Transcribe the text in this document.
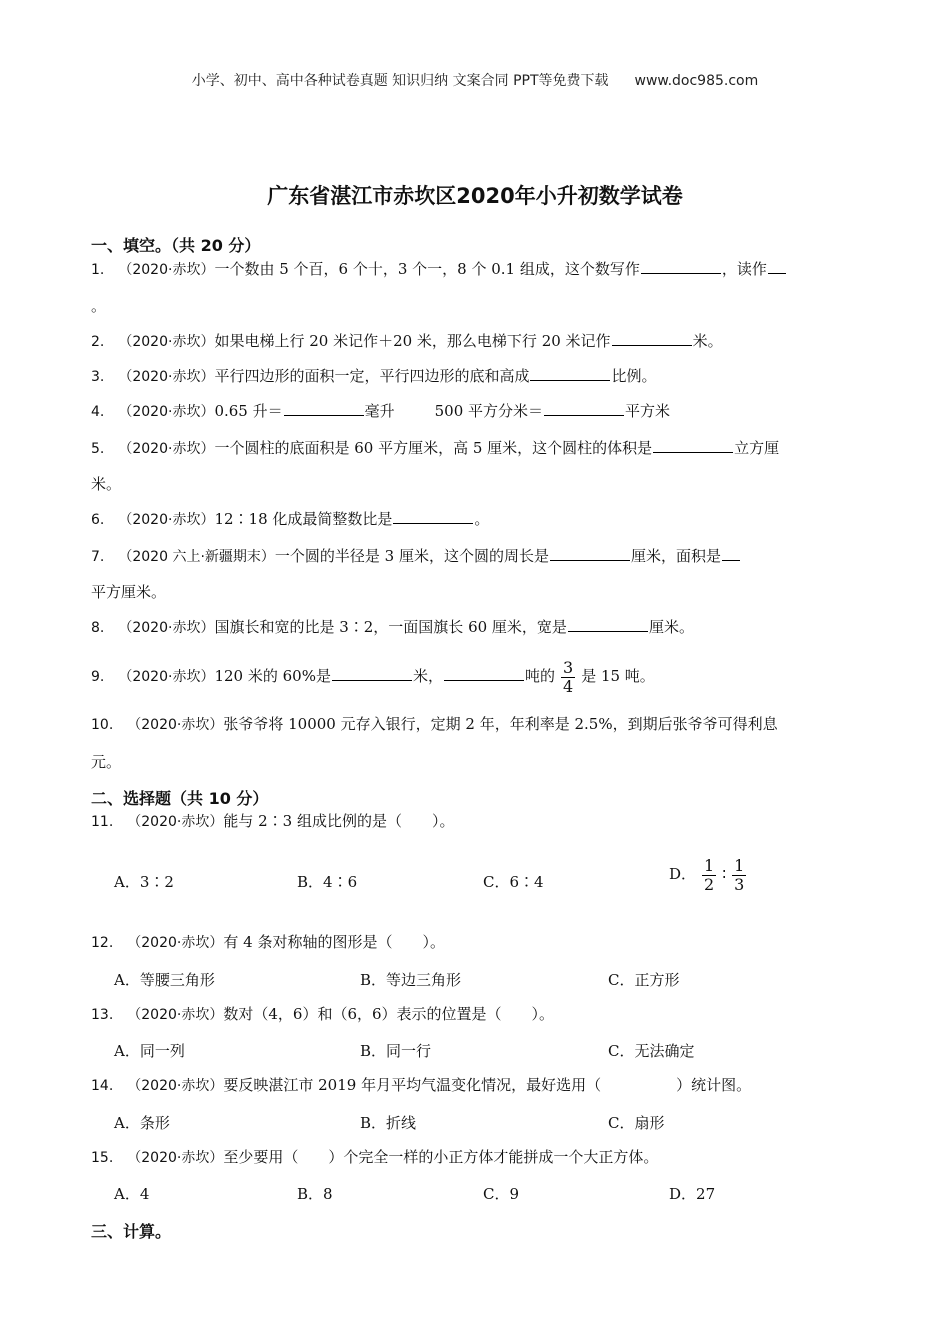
小学、初中、高中各种试卷真题 知识归纳 文案合同 PPT等免费下载 www.doc985.com
广东省湛江市赤坎区2020年小升初数学试卷
一、填空。（共 20 分）
1. （2020·赤坎）一个数由 5 个百，6 个十，3 个一，8 个 0.1 组成，这个数写作	，读作
。
2. （2020·赤坎）如果电梯上行 20 米记作＋20 米，那么电梯下行 20 米记作	米。
3. （2020·赤坎）平行四边形的面积一定，平行四边形的底和高成	比例。
4. （2020·赤坎）0.65 升＝	毫升	500 平方分米＝	平方米
5. （2020·赤坎）一个圆柱的底面积是 60 平方厘米，高 5 厘米，这个圆柱的体积是	立方厘
米。
6. （2020·赤坎）12∶18 化成最简整数比是	。
7. （2020 六上·新疆期末）一个圆的半径是 3 厘米，这个圆的周长是	厘米，面积是
平方厘米。
8. （2020·赤坎）国旗长和宽的比是 3∶2，一面国旗长 60 厘米，宽是	厘米。
9. （2020·赤坎）120 米的 60%是	米，	吨的 $\frac{3}{4}$ 是 15 吨。
10. （2020·赤坎）张爷爷将 10000 元存入银行，定期 2 年，年利率是 2.5%，到期后张爷爷可得利息
元。
二、选择题（共 10 分）
11. （2020·赤坎）能与 2∶3 组成比例的是（　　）。
A．3∶2	B．4∶6	C．6∶4	D． $\frac{1}{2}$ ∶ $\frac{1}{3}$
12. （2020·赤坎）有 4 条对称轴的图形是（　　）。
A．等腰三角形	B．等边三角形	C．正方形
13. （2020·赤坎）数对（4，6）和（6，6）表示的位置是（　　）。
A．同一列	B．同一行	C．无法确定
14. （2020·赤坎）要反映湛江市 2019 年月平均气温变化情况，最好选用（　　　　　）统计图。
A．条形	B．折线	C．扇形
15. （2020·赤坎）至少要用（　　）个完全一样的小正方体才能拼成一个大正方体。
A．4	B．8	C．9	D．27
三、计算。
